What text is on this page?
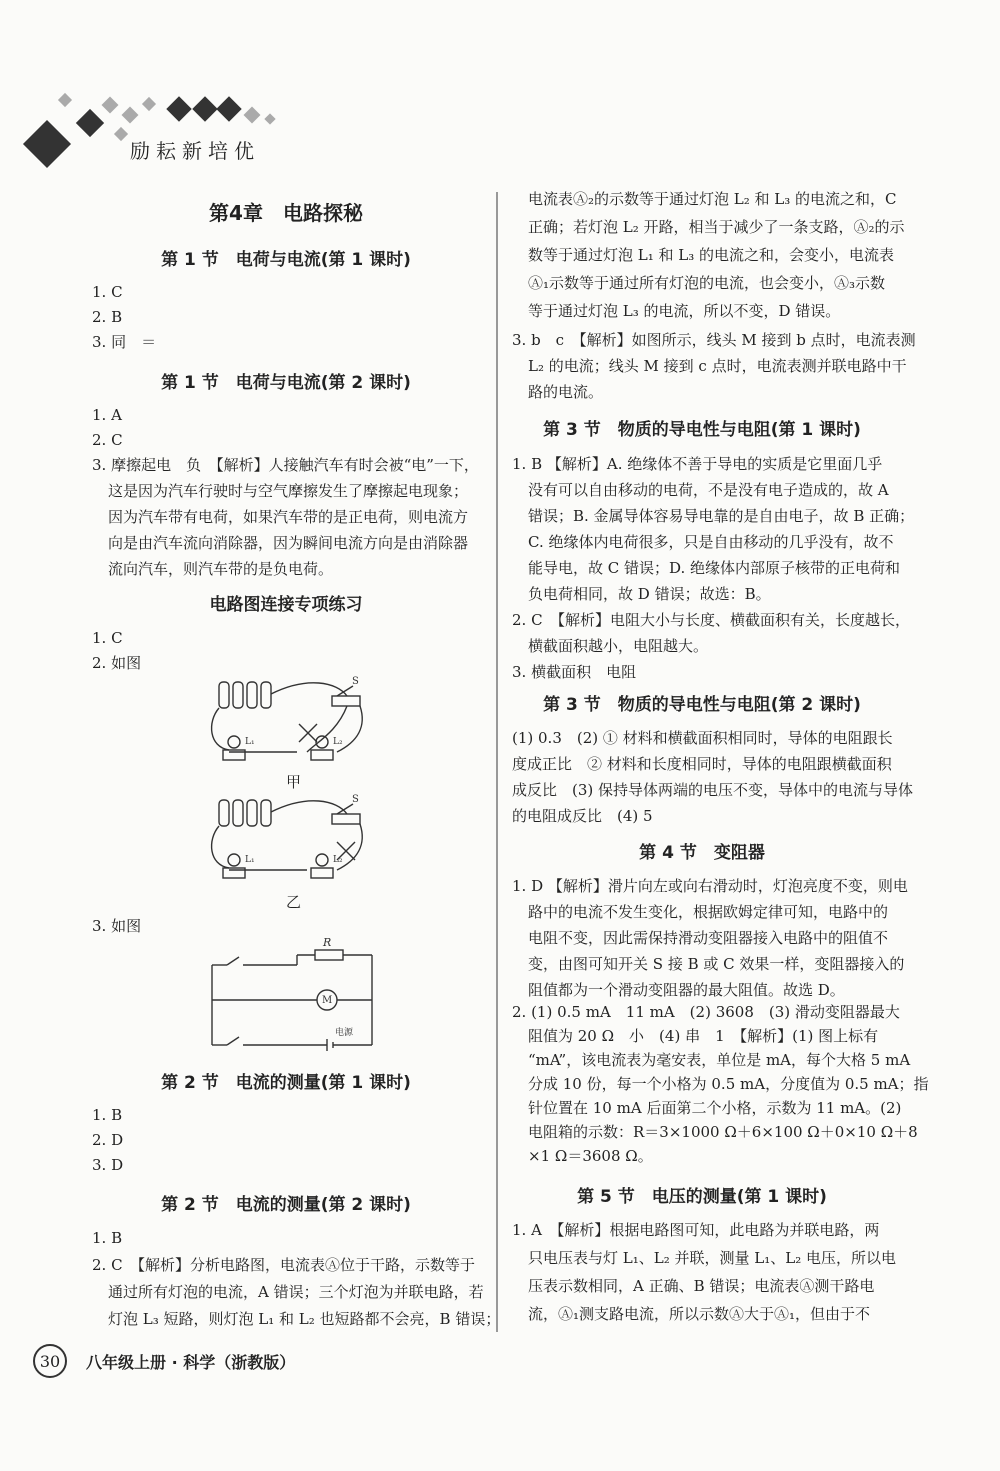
励耘新培优
第4章　电路探秘
第 1 节　电荷与电流(第 1 课时)
1. C
2. B
3. 同　＝
第 1 节　电荷与电流(第 2 课时)
1. A
2. C
3. 摩擦起电　负　【解析】人接触汽车有时会被“电”一下，
这是因为汽车行驶时与空气摩擦发生了摩擦起电现象；
因为汽车带有电荷，如果汽车带的是正电荷，则电流方
向是由汽车流向消除器，因为瞬间电流方向是由消除器
流向汽车，则汽车带的是负电荷。
电路图连接专项练习
1. C
2. 如图
L₁	L₂
S
甲
L₁	L₂
S
乙
3. 如图
M
R
电源
第 2 节　电流的测量(第 1 课时)
1. B
2. D
3. D
第 2 节　电流的测量(第 2 课时)
1. B
2. C　【解析】分析电路图，电流表Ⓐ位于干路，示数等于
通过所有灯泡的电流，A 错误；三个灯泡为并联电路，若
灯泡 L₃ 短路，则灯泡 L₁ 和 L₂ 也短路都不会亮，B 错误；
电流表Ⓐ₂的示数等于通过灯泡 L₂ 和 L₃ 的电流之和，C
正确；若灯泡 L₂ 开路，相当于减少了一条支路，Ⓐ₂的示
数等于通过灯泡 L₁ 和 L₃ 的电流之和，会变小，电流表
Ⓐ₁示数等于通过所有灯泡的电流，也会变小，Ⓐ₃示数
等于通过灯泡 L₃ 的电流，所以不变，D 错误。
3. b　c　【解析】如图所示，线头 M 接到 b 点时，电流表测
L₂ 的电流；线头 M 接到 c 点时，电流表测并联电路中干
路的电流。
第 3 节　物质的导电性与电阻(第 1 课时)
1. B 【解析】A. 绝缘体不善于导电的实质是它里面几乎
没有可以自由移动的电荷，不是没有电子造成的，故 A
错误；B. 金属导体容易导电靠的是自由电子，故 B 正确；
C. 绝缘体内电荷很多，只是自由移动的几乎没有，故不
能导电，故 C 错误；D. 绝缘体内部原子核带的正电荷和
负电荷相同，故 D 错误；故选：B。
2. C　【解析】电阻大小与长度、横截面积有关，长度越长，
横截面积越小，电阻越大。
3. 横截面积　电阻
第 3 节　物质的导电性与电阻(第 2 课时)
(1) 0.3　(2) ① 材料和横截面积相同时，导体的电阻跟长
度成正比　② 材料和长度相同时，导体的电阻跟横截面积
成反比　(3) 保持导体两端的电压不变，导体中的电流与导体
的电阻成反比　(4) 5
第 4 节　变阻器
1. D 【解析】滑片向左或向右滑动时，灯泡亮度不变，则电
路中的电流不发生变化，根据欧姆定律可知，电路中的
电阻不变，因此需保持滑动变阻器接入电路中的阻值不
变，由图可知开关 S 接 B 或 C 效果一样，变阻器接入的
阻值都为一个滑动变阻器的最大阻值。故选 D。
2. (1) 0.5 mA　11 mA　(2) 3608　(3) 滑动变阻器最大
阻值为 20 Ω　小　(4) 串　1　【解析】(1) 图上标有
“mA”，该电流表为毫安表，单位是 mA，每个大格 5 mA
分成 10 份，每一个小格为 0.5 mA，分度值为 0.5 mA；指
针位置在 10 mA 后面第二个小格，示数为 11 mA。(2)
电阻箱的示数：R＝3×1000 Ω＋6×100 Ω＋0×10 Ω＋8
×1 Ω＝3608 Ω。
第 5 节　电压的测量(第 1 课时)
1. A　【解析】根据电路图可知，此电路为并联电路，两
只电压表与灯 L₁、L₂ 并联，测量 L₁、L₂ 电压，所以电
压表示数相同，A 正确、B 错误；电流表Ⓐ测干路电
流，Ⓐ₁测支路电流，所以示数Ⓐ大于Ⓐ₁，但由于不
30 八年级上册 · 科学（浙教版）
